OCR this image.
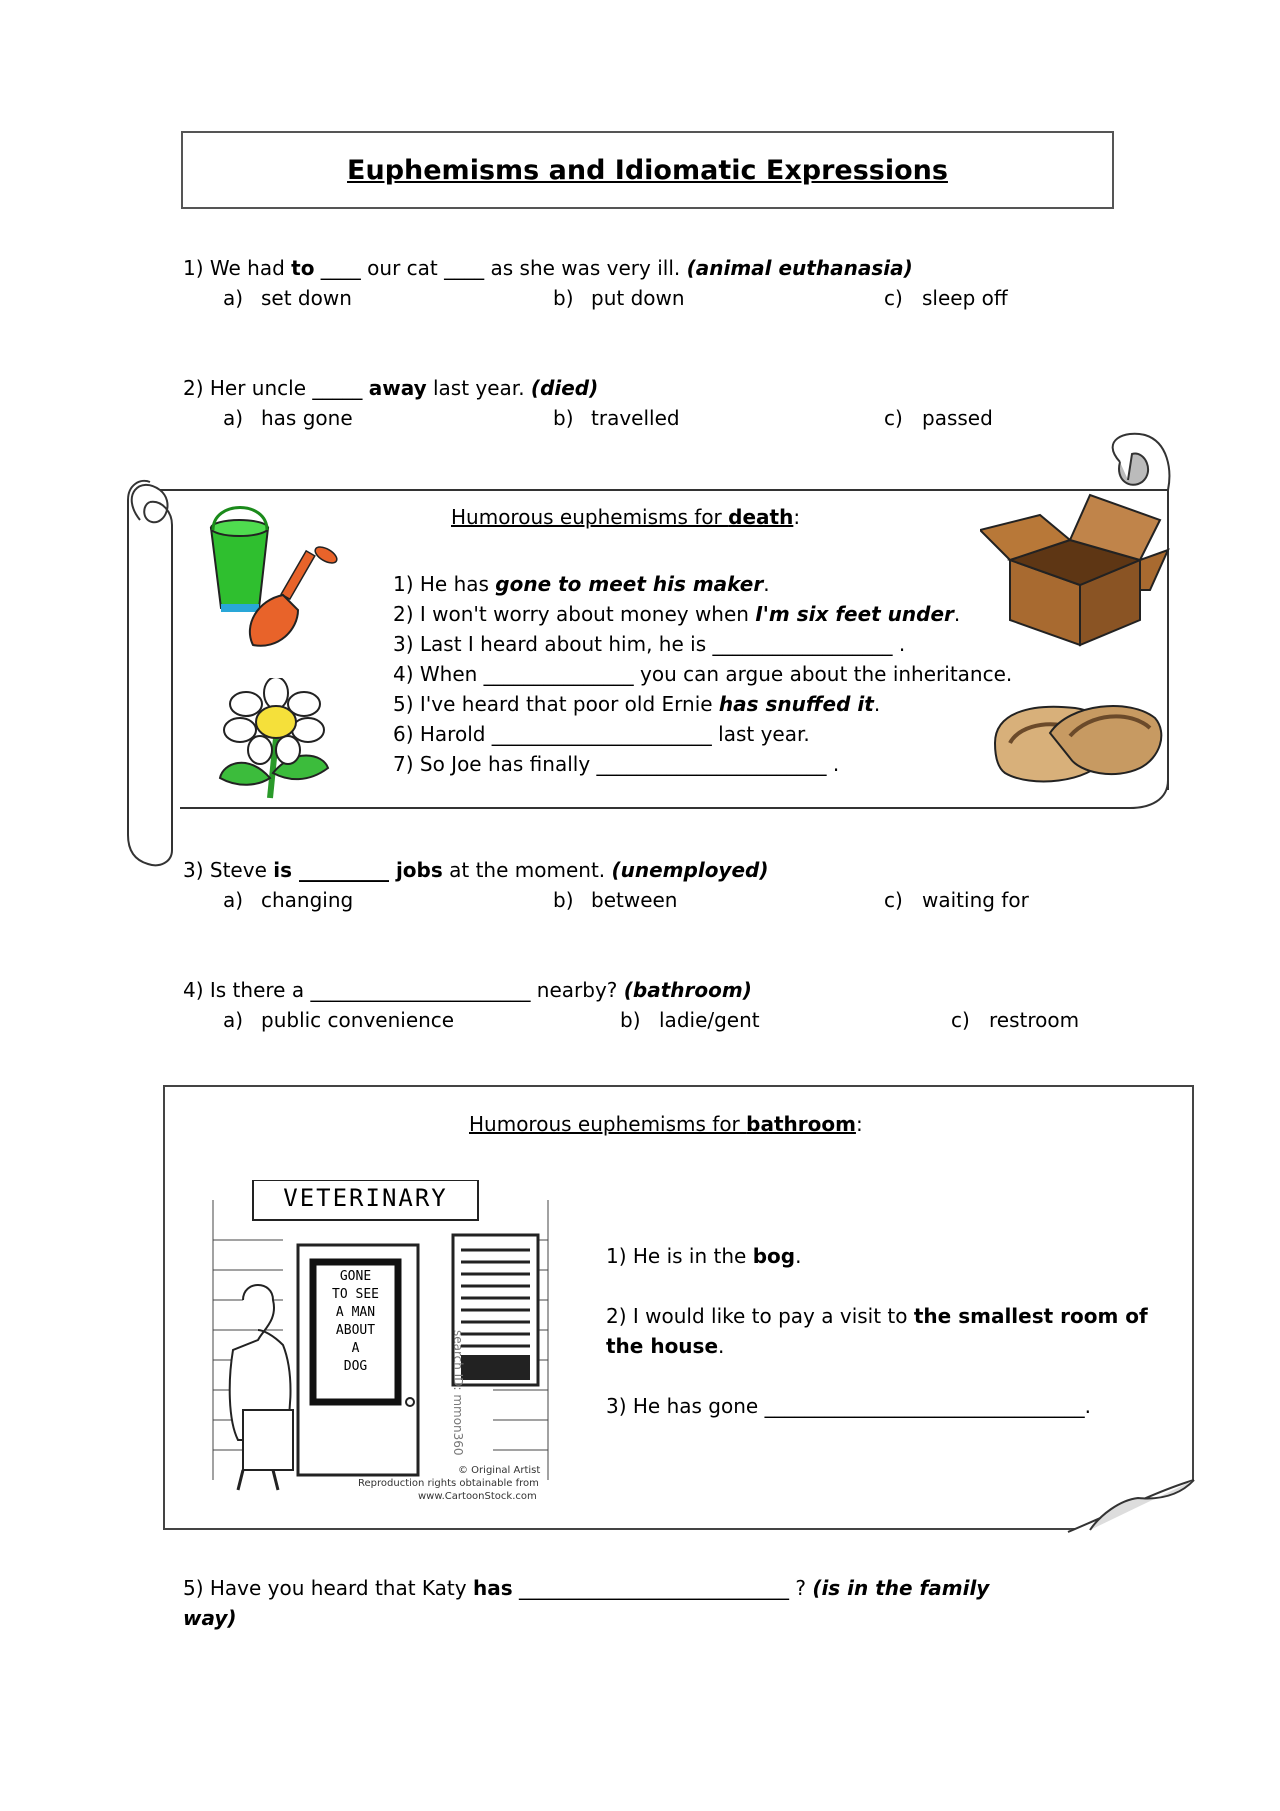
Euphemisms and Idiomatic Expressions
1) We had to ____ our cat ____ as she was very ill. (animal euthanasia)
a) set down	b) put down	c) sleep off
2) Her uncle _____ away last year. (died)
a) has gone	b) travelled	c) passed
Humorous euphemisms for death:
1) He has gone to meet his maker.
2) I won't worry about money when I'm six feet under.
3) Last I heard about him, he is __________________ .
4) When _______________ you can argue about the inheritance.
5) I've heard that poor old Ernie has snuffed it.
6) Harold ______________________ last year.
7) So Joe has finally _______________________ .
3) Steve is _________ jobs at the moment. (unemployed)
a) changing	b) between	c) waiting for
4) Is there a ______________________ nearby? (bathroom)
a) public convenience	b) ladie/gent	c) restroom
Humorous euphemisms for bathroom:
VETERINARY
GONE
TO SEE
A MAN
ABOUT
A
DOG	search ID: mmon360
© Original Artist
Reproduction rights obtainable from
www.CartoonStock.com
1) He is in the bog.
2) I would like to pay a visit to the smallest room of
the house.
3) He has gone ________________________________.
5) Have you heard that Katy has ___________________________ ? (is in the family
way)
